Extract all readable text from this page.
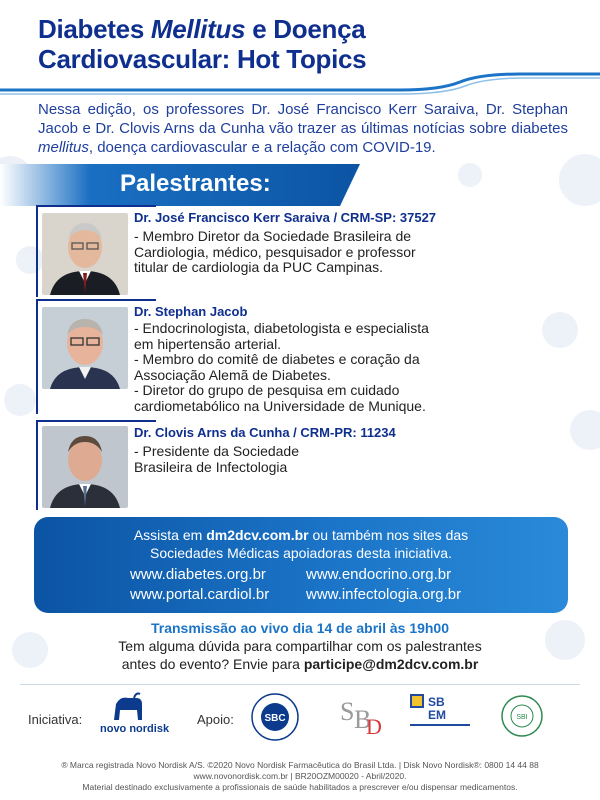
Diabetes Mellitus e Doença
Cardiovascular: Hot Topics
Nessa edição, os professores Dr. José Francisco Kerr Saraiva, Dr. Stephan Jacob e Dr. Clovis Arns da Cunha vão trazer as últimas notícias sobre diabetes mellitus, doença cardiovascular e a relação com COVID-19.
Palestrantes:
Dr. José Francisco Kerr Saraiva / CRM-SP: 37527
- Membro Diretor da Sociedade Brasileira de
Cardiologia, médico, pesquisador e professor
titular de cardiologia da PUC Campinas.
Dr. Stephan Jacob
- Endocrinologista, diabetologista e especialista
em hipertensão arterial.
- Membro do comitê de diabetes e coração da
Associação Alemã de Diabetes.
- Diretor do grupo de pesquisa em cuidado
cardiometabólico na Universidade de Munique.
Dr. Clovis Arns da Cunha / CRM-PR: 11234
- Presidente da Sociedade
Brasileira de Infectologia
Assista em dm2dcv.com.br ou também nos sites das
Sociedades Médicas apoiadoras desta iniciativa.
www.diabetes.org.br	www.endocrino.org.br
www.portal.cardiol.br www.infectologia.org.br
Transmissão ao vivo dia 14 de abril às 19h00
Tem alguma dúvida para compartilhar com os palestrantes
antes do evento? Envie para participe@dm2dcv.com.br
Iniciativa:
novo nordisk
Apoio:	SBC S B
D
SB
EM	SBI
® Marca registrada Novo Nordisk A/S. ©2020 Novo Nordisk Farmacêutica do Brasil Ltda. | Disk Novo Nordisk®: 0800 14 44 88
www.novonordisk.com.br | BR20OZM00020 - Abril/2020.
Material destinado exclusivamente a profissionais de saúde habilitados a prescrever e/ou dispensar medicamentos.
